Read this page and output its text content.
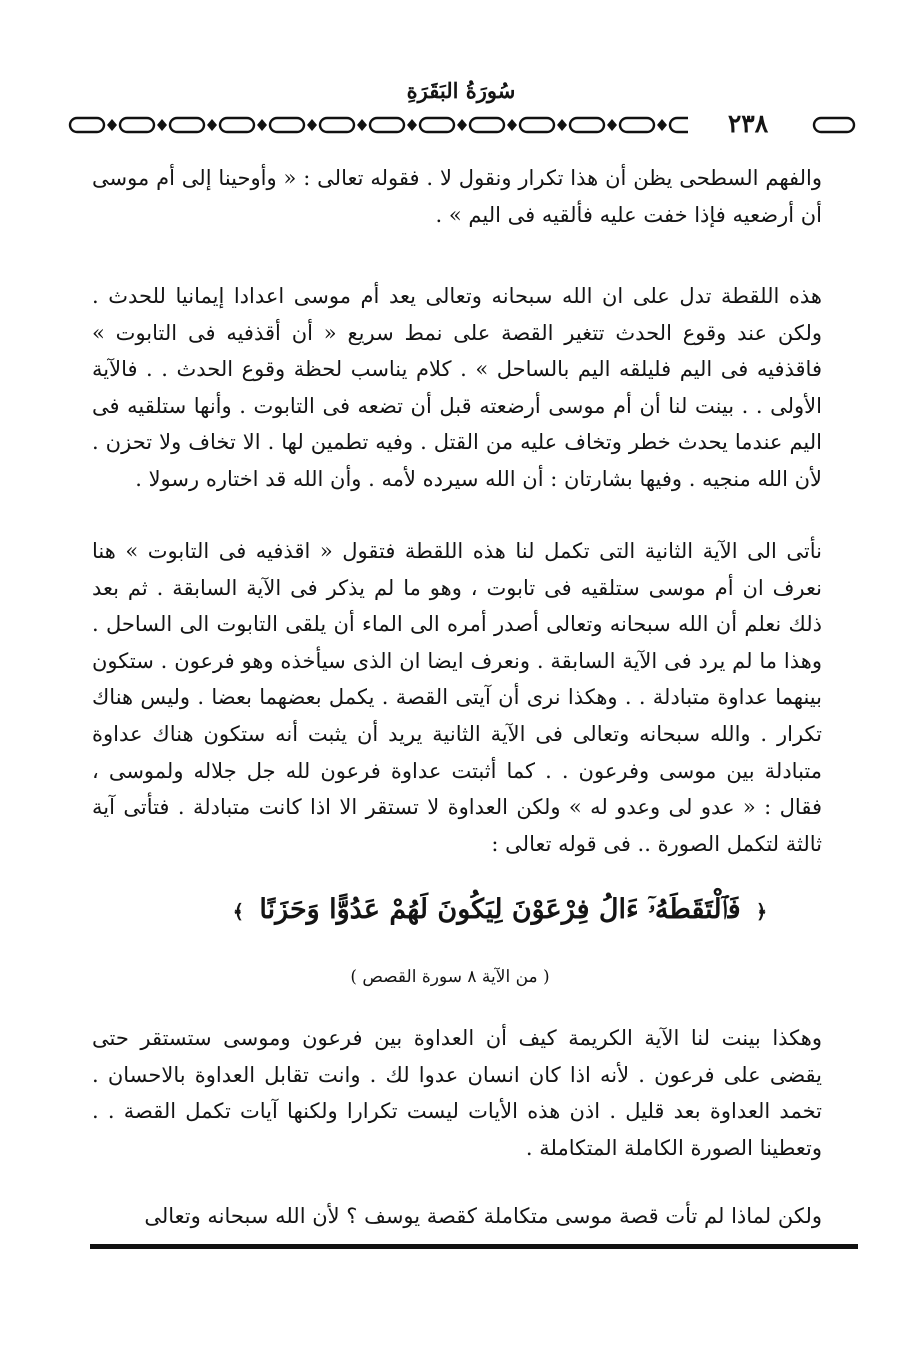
سُورَةُ البَقَرَةِ
٢٣٨
والفهم السطحى يظن أن هذا تكرار ونقول لا . فقوله تعالى : « وأوحينا إلى أم موسى أن أرضعيه فإذا خفت عليه فألقيه فى اليم » .
هذه اللقطة تدل على ان الله سبحانه وتعالى يعد أم موسى اعدادا إيمانيا للحدث . ولكن عند وقوع الحدث تتغير القصة على نمط سريع « أن أقذفيه فى التابوت » فاقذفيه فى اليم فليلقه اليم بالساحل » . كلام يناسب لحظة وقوع الحدث . . فالآية الأولى . . بينت لنا أن أم موسى أرضعته قبل أن تضعه فى التابوت . وأنها ستلقيه فى اليم عندما يحدث خطر وتخاف عليه من القتل . وفيه تطمين لها . الا تخاف ولا تحزن . لأن الله منجيه . وفيها بشارتان : أن الله سيرده لأمه . وأن الله قد اختاره رسولا .
نأتى الى الآية الثانية التى تكمل لنا هذه اللقطة فتقول « اقذفيه فى التابوت » هنا نعرف ان أم موسى ستلقيه فى تابوت ، وهو ما لم يذكر فى الآية السابقة . ثم بعد ذلك نعلم أن الله سبحانه وتعالى أصدر أمره الى الماء أن يلقى التابوت الى الساحل . وهذا ما لم يرد فى الآية السابقة . ونعرف ايضا ان الذى سيأخذه وهو فرعون . ستكون بينهما عداوة متبادلة . . وهكذا نرى أن آيتى القصة . يكمل بعضهما بعضا . وليس هناك تكرار . والله سبحانه وتعالى فى الآية الثانية يريد أن يثبت أنه ستكون هناك عداوة متبادلة بين موسى وفرعون . . كما أثبتت عداوة فرعون لله جل جلاله ولموسى ، فقال : « عدو لى وعدو له » ولكن العداوة لا تستقر الا اذا كانت متبادلة . فتأتى آية ثالثة لتكمل الصورة .. فى قوله تعالى :
﴿ فَٱلْتَقَطَهُۥٓ ءَالُ فِرْعَوْنَ لِيَكُونَ لَهُمْ عَدُوًّا وَحَزَنًا ﴾
( من الآية ٨ سورة القصص )
وهكذا بينت لنا الآية الكريمة كيف أن العداوة بين فرعون وموسى ستستقر حتى يقضى على فرعون . لأنه اذا كان انسان عدوا لك . وانت تقابل العداوة بالاحسان . تخمد العداوة بعد قليل . اذن هذه الأيات ليست تكرارا ولكنها آيات تكمل القصة . . وتعطينا الصورة الكاملة المتكاملة .
ولكن لماذا لم تأت قصة موسى متكاملة كقصة يوسف ؟ لأن الله سبحانه وتعالى
